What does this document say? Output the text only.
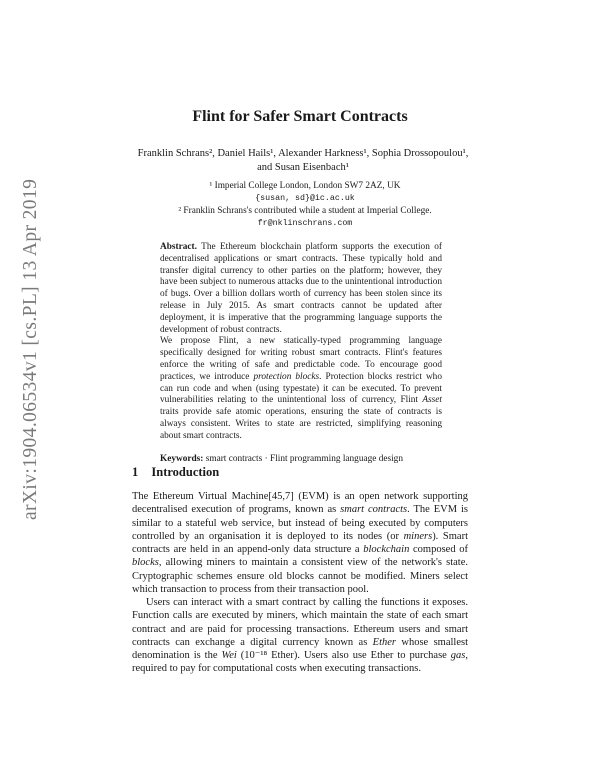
arXiv:1904.06534v1 [cs.PL] 13 Apr 2019
Flint for Safer Smart Contracts
Franklin Schrans², Daniel Hails¹, Alexander Harkness¹, Sophia Drossopoulou¹,
and Susan Eisenbach¹
¹ Imperial College London, London SW7 2AZ, UK
{susan, sd}@ic.ac.uk
² Franklin Schrans's contributed while a student at Imperial College.
fr@nklinschrans.com

Abstract. The Ethereum blockchain platform supports the execution of decentralised applications or smart contracts. These typically hold and transfer digital currency to other parties on the platform; however, they have been subject to numerous attacks due to the unintentional introduction of bugs. Over a billion dollars worth of currency has been stolen since its release in July 2015. As smart contracts cannot be updated after deployment, it is imperative that the programming language supports the development of robust contracts.

We propose Flint, a new statically-typed programming language specifically designed for writing robust smart contracts. Flint's features enforce the writing of safe and predictable code. To encourage good practices, we introduce protection blocks. Protection blocks restrict who can run code and when (using typestate) it can be executed. To prevent vulnerabilities relating to the unintentional loss of currency, Flint Asset traits provide safe atomic operations, ensuring the state of contracts is always consistent. Writes to state are restricted, simplifying reasoning about smart contracts.

Keywords: smart contracts · Flint programming language design

1 Introduction

The Ethereum Virtual Machine[45,7] (EVM) is an open network supporting decentralised execution of programs, known as smart contracts. The EVM is similar to a stateful web service, but instead of being executed by computers controlled by an organisation it is deployed to its nodes (or miners). Smart contracts are held in an append-only data structure a blockchain composed of blocks, allowing miners to maintain a consistent view of the network's state. Cryptographic schemes ensure old blocks cannot be modified. Miners select which transaction to process from their transaction pool.

Users can interact with a smart contract by calling the functions it exposes. Function calls are executed by miners, which maintain the state of each smart contract and are paid for processing transactions. Ethereum users and smart contracts can exchange a digital currency known as Ether whose smallest denomination is the Wei (10⁻¹⁸ Ether). Users also use Ether to purchase gas, required to pay for computational costs when executing transactions.
